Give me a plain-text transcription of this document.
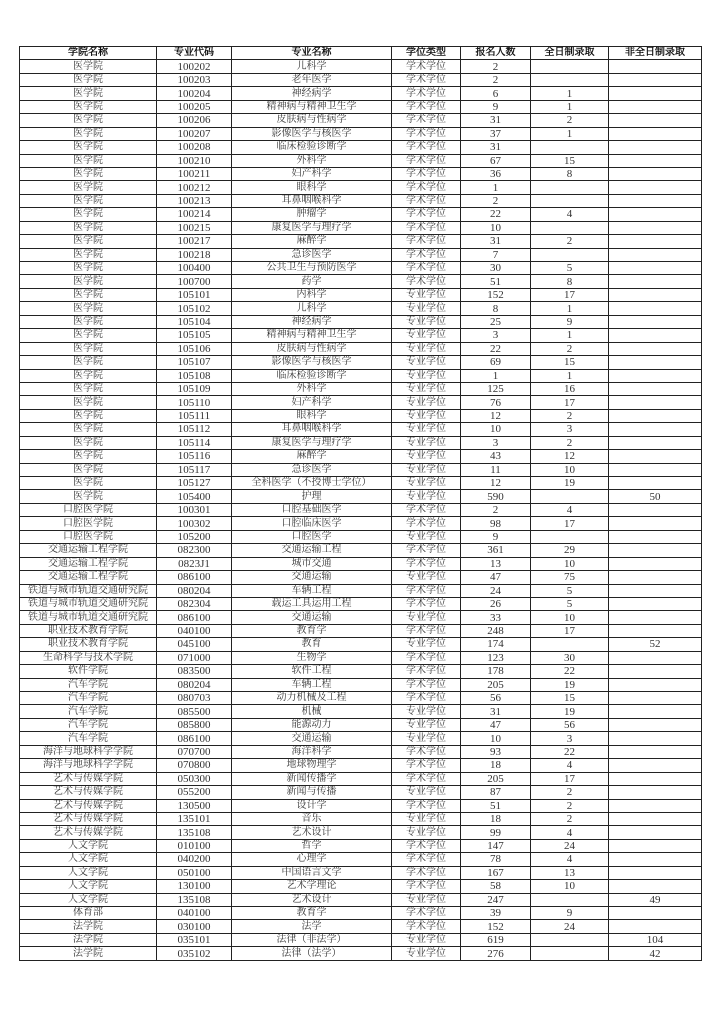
学院名称	专业代码	专业名称	学位类型	报名人数	全日制录取	非全日制录取
医学院	100202	儿科学	学术学位	2		
医学院	100203	老年医学	学术学位	2		
医学院	100204	神经病学	学术学位	6	1	
医学院	100205	精神病与精神卫生学	学术学位	9	1	
医学院	100206	皮肤病与性病学	学术学位	31	2	
医学院	100207	影像医学与核医学	学术学位	37	1	
医学院	100208	临床检验诊断学	学术学位	31		
医学院	100210	外科学	学术学位	67	15	
医学院	100211	妇产科学	学术学位	36	8	
医学院	100212	眼科学	学术学位	1		
医学院	100213	耳鼻咽喉科学	学术学位	2		
医学院	100214	肿瘤学	学术学位	22	4	
医学院	100215	康复医学与理疗学	学术学位	10		
医学院	100217	麻醉学	学术学位	31	2	
医学院	100218	急诊医学	学术学位	7		
医学院	100400	公共卫生与预防医学	学术学位	30	5	
医学院	100700	药学	学术学位	51	8	
医学院	105101	内科学	专业学位	152	17	
医学院	105102	儿科学	专业学位	8	1	
医学院	105104	神经病学	专业学位	25	9	
医学院	105105	精神病与精神卫生学	专业学位	3	1	
医学院	105106	皮肤病与性病学	专业学位	22	2	
医学院	105107	影像医学与核医学	专业学位	69	15	
医学院	105108	临床检验诊断学	专业学位	1	1	
医学院	105109	外科学	专业学位	125	16	
医学院	105110	妇产科学	专业学位	76	17	
医学院	105111	眼科学	专业学位	12	2	
医学院	105112	耳鼻咽喉科学	专业学位	10	3	
医学院	105114	康复医学与理疗学	专业学位	3	2	
医学院	105116	麻醉学	专业学位	43	12	
医学院	105117	急诊医学	专业学位	11	10	
医学院	105127	全科医学（不授博士学位）	专业学位	12	19	
医学院	105400	护理	专业学位	590		50
口腔医学院	100301	口腔基础医学	学术学位	2	4	
口腔医学院	100302	口腔临床医学	学术学位	98	17	
口腔医学院	105200	口腔医学	专业学位	9		
交通运输工程学院	082300	交通运输工程	学术学位	361	29	
交通运输工程学院	0823J1	城市交通	学术学位	13	10	
交通运输工程学院	086100	交通运输	专业学位	47	75	
铁道与城市轨道交通研究院	080204	车辆工程	学术学位	24	5	
铁道与城市轨道交通研究院	082304	载运工具运用工程	学术学位	26	5	
铁道与城市轨道交通研究院	086100	交通运输	专业学位	33	10	
职业技术教育学院	040100	教育学	学术学位	248	17	
职业技术教育学院	045100	教育	专业学位	174		52
生命科学与技术学院	071000	生物学	学术学位	123	30	
软件学院	083500	软件工程	学术学位	178	22	
汽车学院	080204	车辆工程	学术学位	205	19	
汽车学院	080703	动力机械及工程	学术学位	56	15	
汽车学院	085500	机械	专业学位	31	19	
汽车学院	085800	能源动力	专业学位	47	56	
汽车学院	086100	交通运输	专业学位	10	3	
海洋与地球科学学院	070700	海洋科学	学术学位	93	22	
海洋与地球科学学院	070800	地球物理学	学术学位	18	4	
艺术与传媒学院	050300	新闻传播学	学术学位	205	17	
艺术与传媒学院	055200	新闻与传播	专业学位	87	2	
艺术与传媒学院	130500	设计学	学术学位	51	2	
艺术与传媒学院	135101	音乐	专业学位	18	2	
艺术与传媒学院	135108	艺术设计	专业学位	99	4	
人文学院	010100	哲学	学术学位	147	24	
人文学院	040200	心理学	学术学位	78	4	
人文学院	050100	中国语言文学	学术学位	167	13	
人文学院	130100	艺术学理论	学术学位	58	10	
人文学院	135108	艺术设计	专业学位	247		49
体育部	040100	教育学	学术学位	39	9	
法学院	030100	法学	学术学位	152	24	
法学院	035101	法律（非法学）	专业学位	619		104
法学院	035102	法律（法学）	专业学位	276		42
